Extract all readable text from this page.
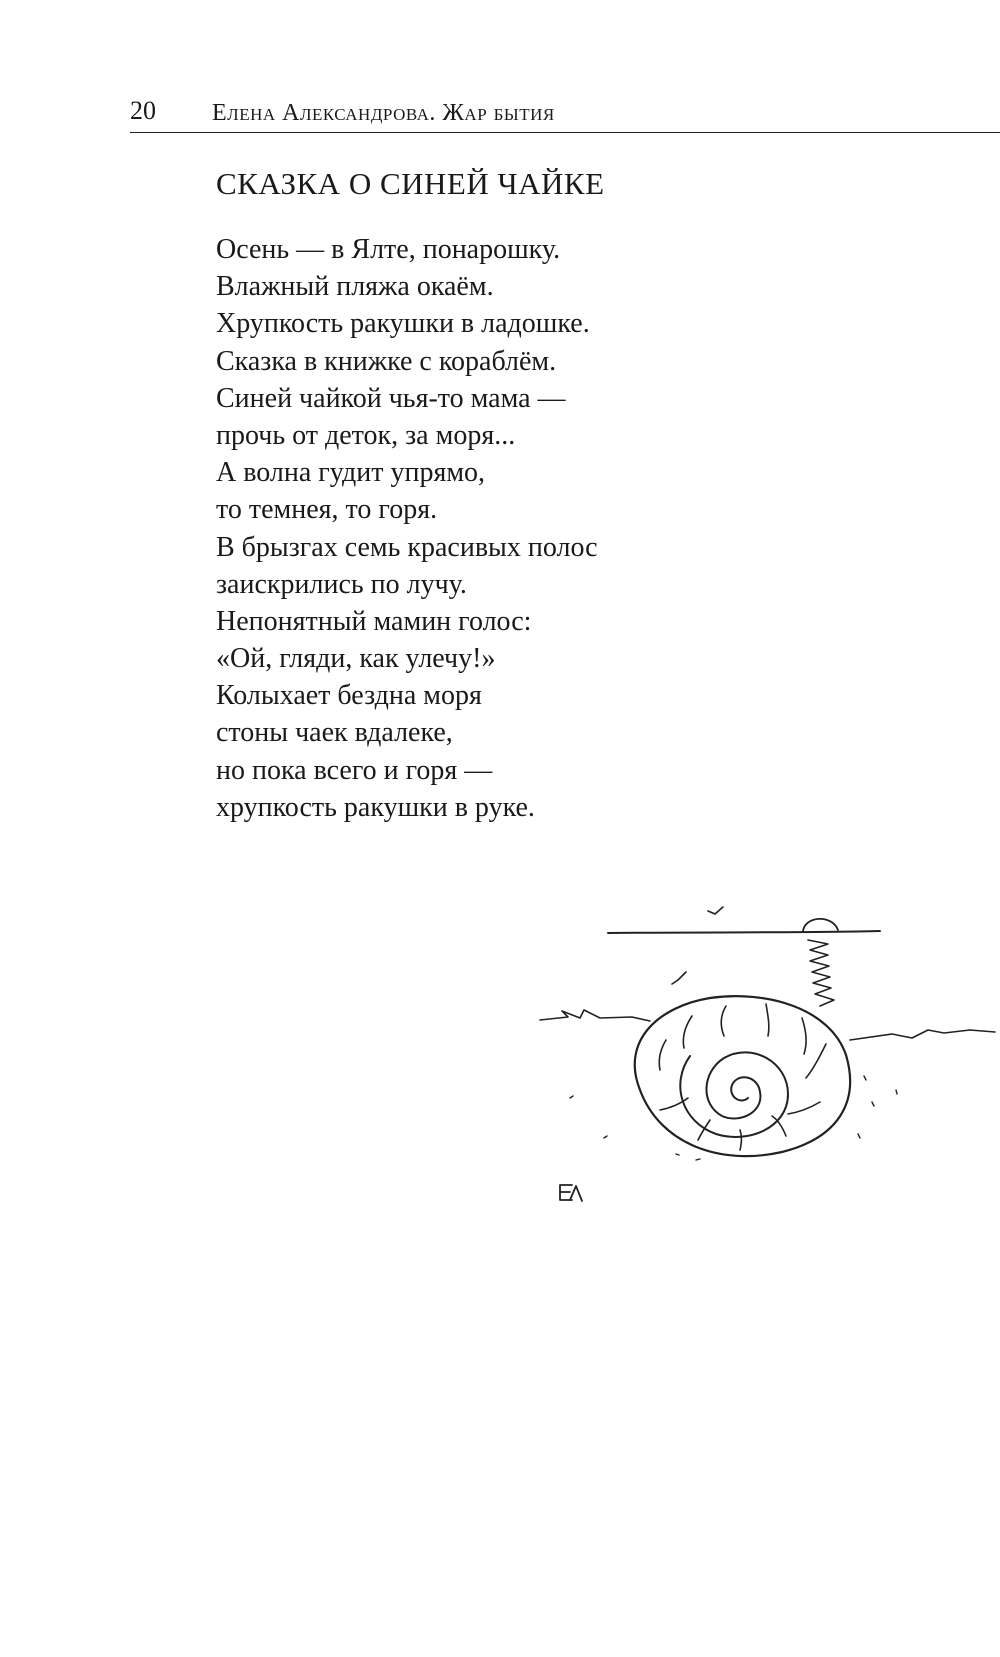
20 Елена Александрова. Жар бытия
СКАЗКА О СИНЕЙ ЧАЙКЕ
Осень — в Ялте, понарошку.
Влажный пляжа окаём.
Хрупкость ракушки в ладошке.
Сказка в книжке с кораблём.
Синей чайкой чья-то мама —
прочь от деток, за моря...
А волна гудит упрямо,
то темнея, то горя.
В брызгах семь красивых полос
заискрились по лучу.
Непонятный мамин голос:
«Ой, гляди, как улечу!»
Колыхает бездна моря
стоны чаек вдалеке,
но пока всего и горя —
хрупкость ракушки в руке.
